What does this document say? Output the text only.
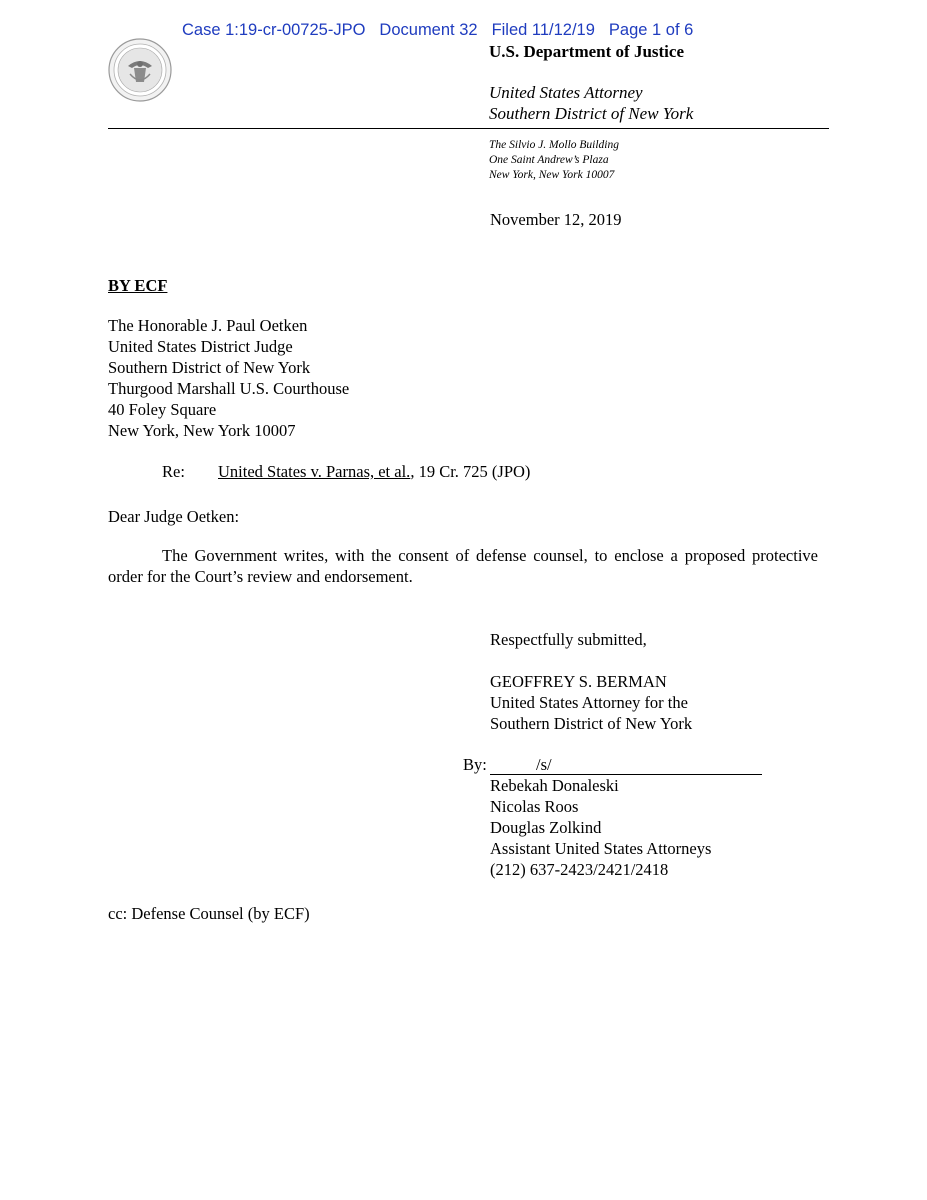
Case 1:19-cr-00725-JPO Document 32 Filed 11/12/19 Page 1 of 6
U.S. Department of Justice
United States Attorney
Southern District of New York
The Silvio J. Mollo Building
One Saint Andrew’s Plaza
New York, New York 10007
November 12, 2019
BY ECF
The Honorable J. Paul Oetken
United States District Judge
Southern District of New York
Thurgood Marshall U.S. Courthouse
40 Foley Square
New York, New York 10007
Re: United States v. Parnas, et al., 19 Cr. 725 (JPO)
Dear Judge Oetken:
The Government writes, with the consent of defense counsel, to enclose a proposed protective order for the Court’s review and endorsement.
Respectfully submitted,
GEOFFREY S. BERMAN
United States Attorney for the
Southern District of New York
By:	/s/
Rebekah Donaleski
Nicolas Roos
Douglas Zolkind
Assistant United States Attorneys
(212) 637-2423/2421/2418
cc: Defense Counsel (by ECF)
